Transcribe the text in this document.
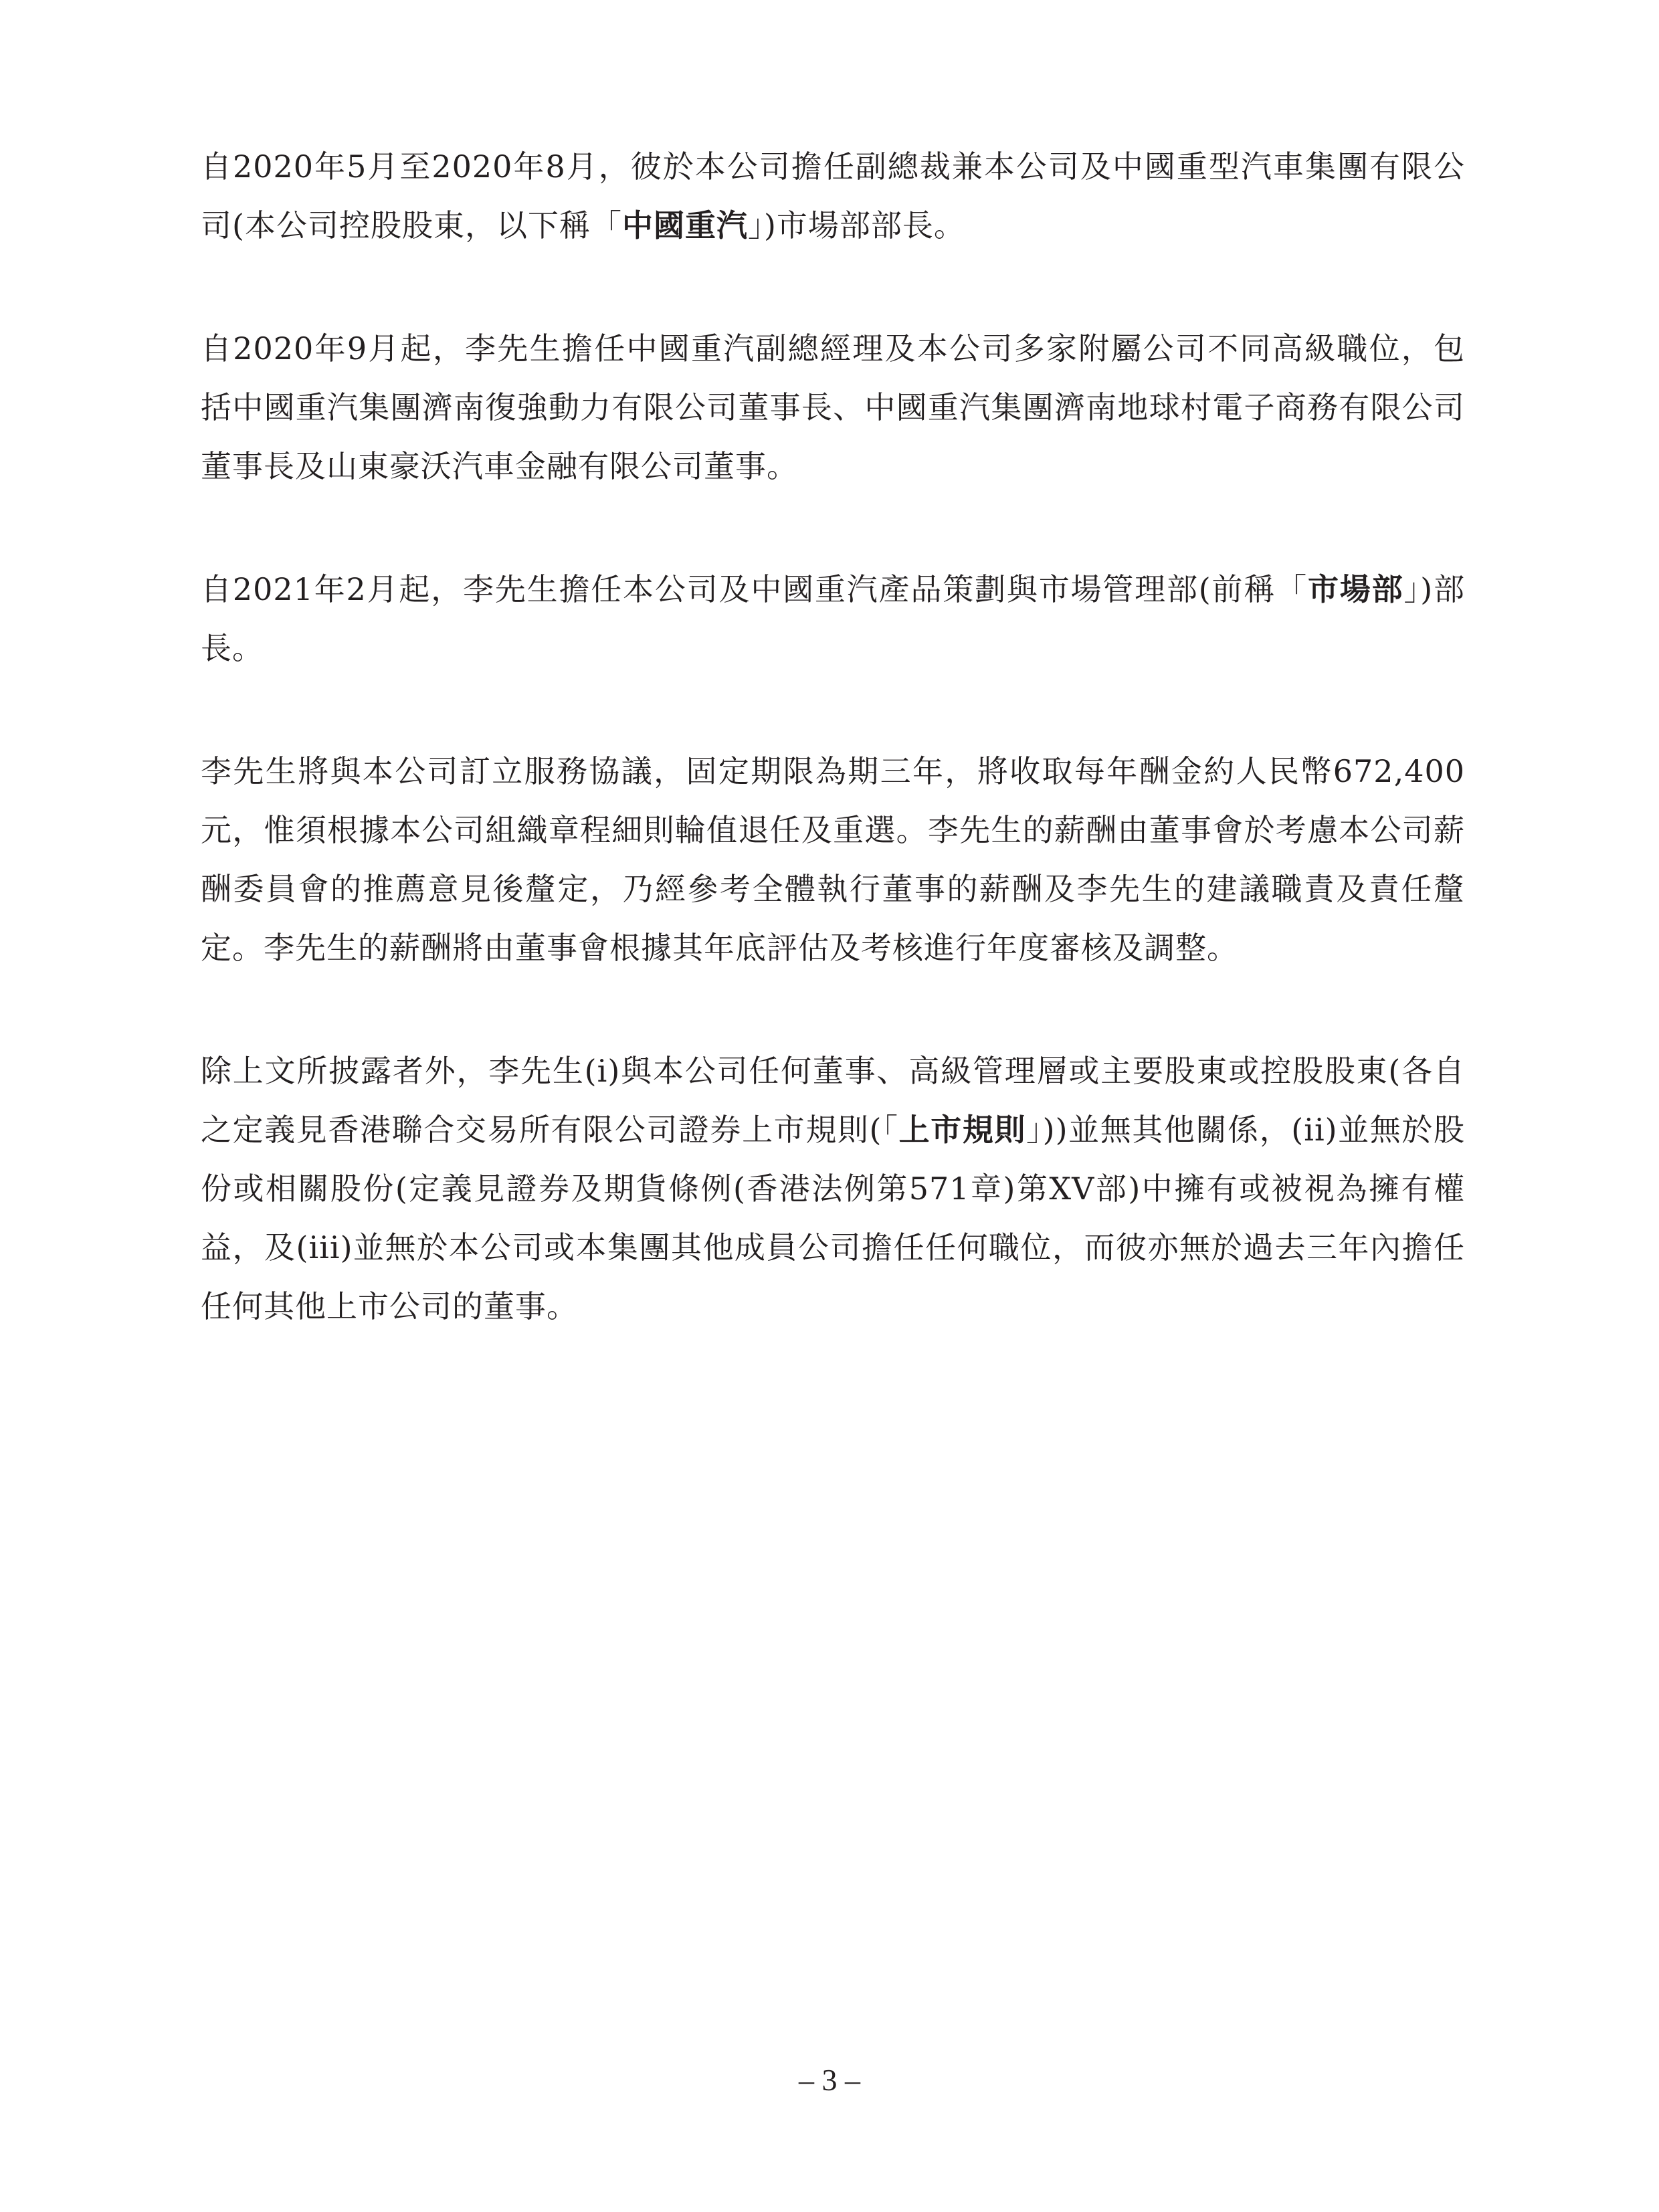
自2020年5月至2020年8月，彼於本公司擔任副總裁兼本公司及中國重型汽車集團有限公司(本公司控股股東，以下稱「中國重汽」)市場部部長。

自2020年9月起，李先生擔任中國重汽副總經理及本公司多家附屬公司不同高級職位，包括中國重汽集團濟南復強動力有限公司董事長、中國重汽集團濟南地球村電子商務有限公司董事長及山東豪沃汽車金融有限公司董事。

自2021年2月起，李先生擔任本公司及中國重汽產品策劃與市場管理部(前稱「市場部」)部長。

李先生將與本公司訂立服務協議，固定期限為期三年，將收取每年酬金約人民幣672,400元，惟須根據本公司組織章程細則輪值退任及重選。李先生的薪酬由董事會於考慮本公司薪酬委員會的推薦意見後釐定，乃經參考全體執行董事的薪酬及李先生的建議職責及責任釐定。李先生的薪酬將由董事會根據其年底評估及考核進行年度審核及調整。

除上文所披露者外，李先生(i)與本公司任何董事、高級管理層或主要股東或控股股東(各自之定義見香港聯合交易所有限公司證券上市規則(「上市規則」))並無其他關係，(ii)並無於股份或相關股份(定義見證券及期貨條例(香港法例第571章)第XV部)中擁有或被視為擁有權益，及(iii)並無於本公司或本集團其他成員公司擔任任何職位，而彼亦無於過去三年內擔任任何其他上市公司的董事。

– 3 –
